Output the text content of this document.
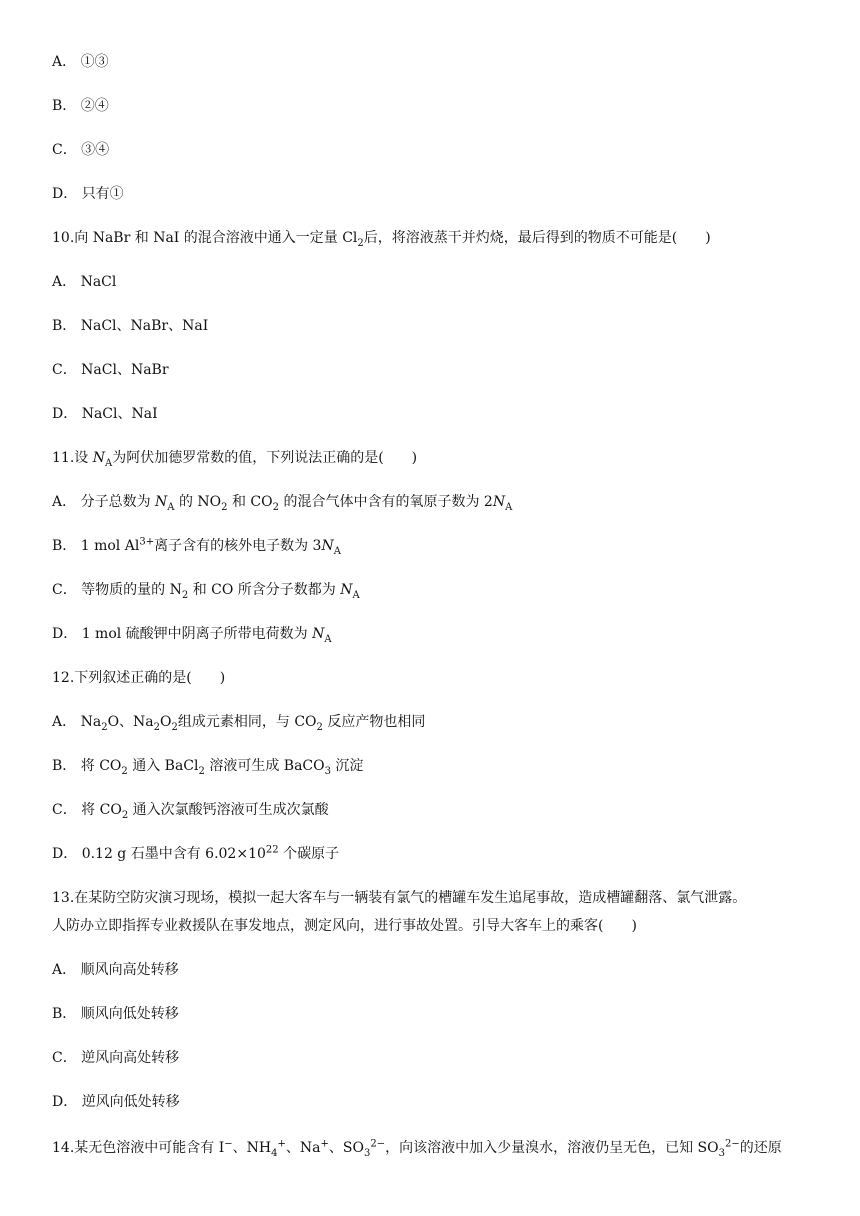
A． ①③
B． ②④
C． ③④
D． 只有①
10.向 NaBr 和 NaI 的混合溶液中通入一定量 $Cl_2$后，将溶液蒸干并灼烧，最后得到的物质不可能是(　　)
A． NaCl
B． NaCl、NaBr、NaI
C． NaCl、NaBr
D． NaCl、NaI
11.设 $N_A$为阿伏加德罗常数的值，下列说法正确的是(　　)
A． 分子总数为 $N_A$ 的 $NO_2$ 和 $CO_2$ 的混合气体中含有的氧原子数为 $2N_A$
B． 1 mol $Al^{3+}$离子含有的核外电子数为 $3N_A$
C． 等物质的量的 $N_2$ 和 CO 所含分子数都为 $N_A$
D． 1 mol 硫酸钾中阴离子所带电荷数为 $N_A$
12.下列叙述正确的是(　　)
A． $Na_2O$、$Na_2O_2$组成元素相同，与 $CO_2$ 反应产物也相同
B． 将 $CO_2$ 通入 BaCl$_2$ 溶液可生成 BaCO$_3$ 沉淀
C． 将 $CO_2$ 通入次氯酸钙溶液可生成次氯酸
D． 0.12 g 石墨中含有 $6.02\times 10^{22}$ 个碳原子
13.在某防空防灾演习现场，模拟一起大客车与一辆装有氯气的槽罐车发生追尾事故，造成槽罐翻落、氯气泄露。
人防办立即指挥专业救援队在事发地点，测定风向，进行事故处置。引导大客车上的乘客(　　)
A． 顺风向高处转移
B． 顺风向低处转移
C． 逆风向高处转移
D． 逆风向低处转移
14.某无色溶液中可能含有 I−、$NH_4^+$、Na+、$SO_3^{2-}$，向该溶液中加入少量溴水，溶液仍呈无色，已知 $SO_3^{2-}$的还原
